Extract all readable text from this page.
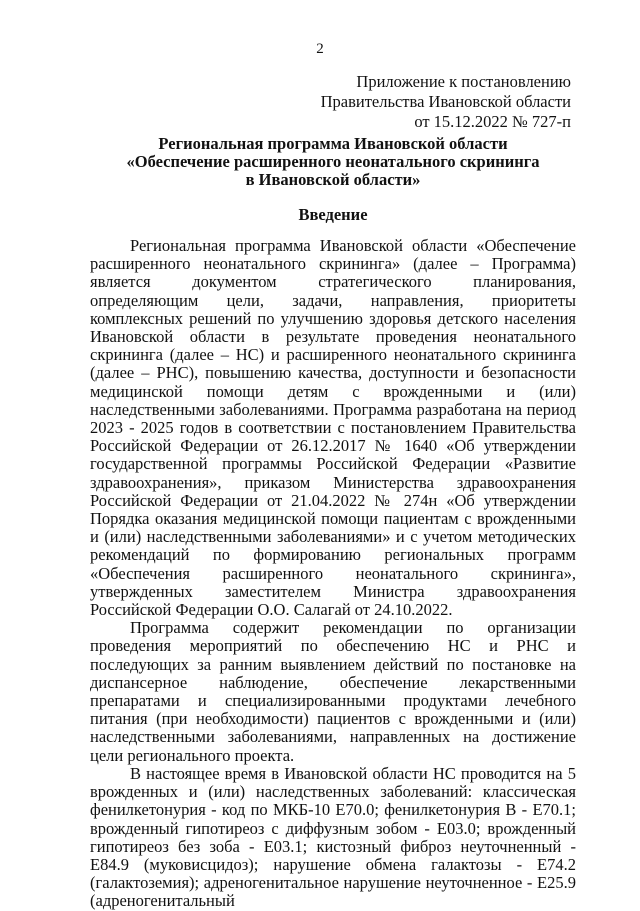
2
Приложение к постановлению
Правительства Ивановской области
от 15.12.2022 № 727-п
Региональная программа Ивановской области
«Обеспечение расширенного неонатального скрининга
в Ивановской области»
Введение

Региональная программа Ивановской области «Обеспечение расширенного неонатального скрининга» (далее – Программа) является документом стратегического планирования, определяющим цели, задачи, направления, приоритеты комплексных решений по улучшению здоровья детского населения Ивановской области в результате проведения неонатального скрининга (далее – НС) и расширенного неонатального скрининга (далее – РНС), повышению качества, доступности и безопасности медицинской помощи детям с врожденными и (или) наследственными заболеваниями. Программа разработана на период 2023 - 2025 годов в соответствии с постановлением Правительства Российской Федерации от 26.12.2017 № 1640 «Об утверждении государственной программы Российской Федерации «Развитие здравоохранения», приказом Министерства здравоохранения Российской Федерации от 21.04.2022 № 274н «Об утверждении Порядка оказания медицинской помощи пациентам с врожденными и (или) наследственными заболеваниями» и с учетом методических рекомендаций по формированию региональных программ «Обеспечения расширенного неонатального скрининга», утвержденных заместителем Министра здравоохранения Российской Федерации О.О. Салагай от 24.10.2022.

Программа содержит рекомендации по организации проведения мероприятий по обеспечению НС и РНС и последующих за ранним выявлением действий по постановке на диспансерное наблюдение, обеспечение лекарственными препаратами и специализированными продуктами лечебного питания (при необходимости) пациентов с врожденными и (или) наследственными заболеваниями, направленных на достижение цели регионального проекта.

В настоящее время в Ивановской области НС проводится на 5 врожденных и (или) наследственных заболеваний: классическая фенилкетонурия - код по МКБ-10 Е70.0; фенилкетонурия В - Е70.1; врожденный гипотиреоз с диффузным зобом - Е03.0; врожденный гипотиреоз без зоба - Е03.1; кистозный фиброз неуточненный - Е84.9 (муковисцидоз); нарушение обмена галактозы - Е74.2 (галактоземия); адреногенитальное нарушение неуточненное - Е25.9 (адреногенитальный
